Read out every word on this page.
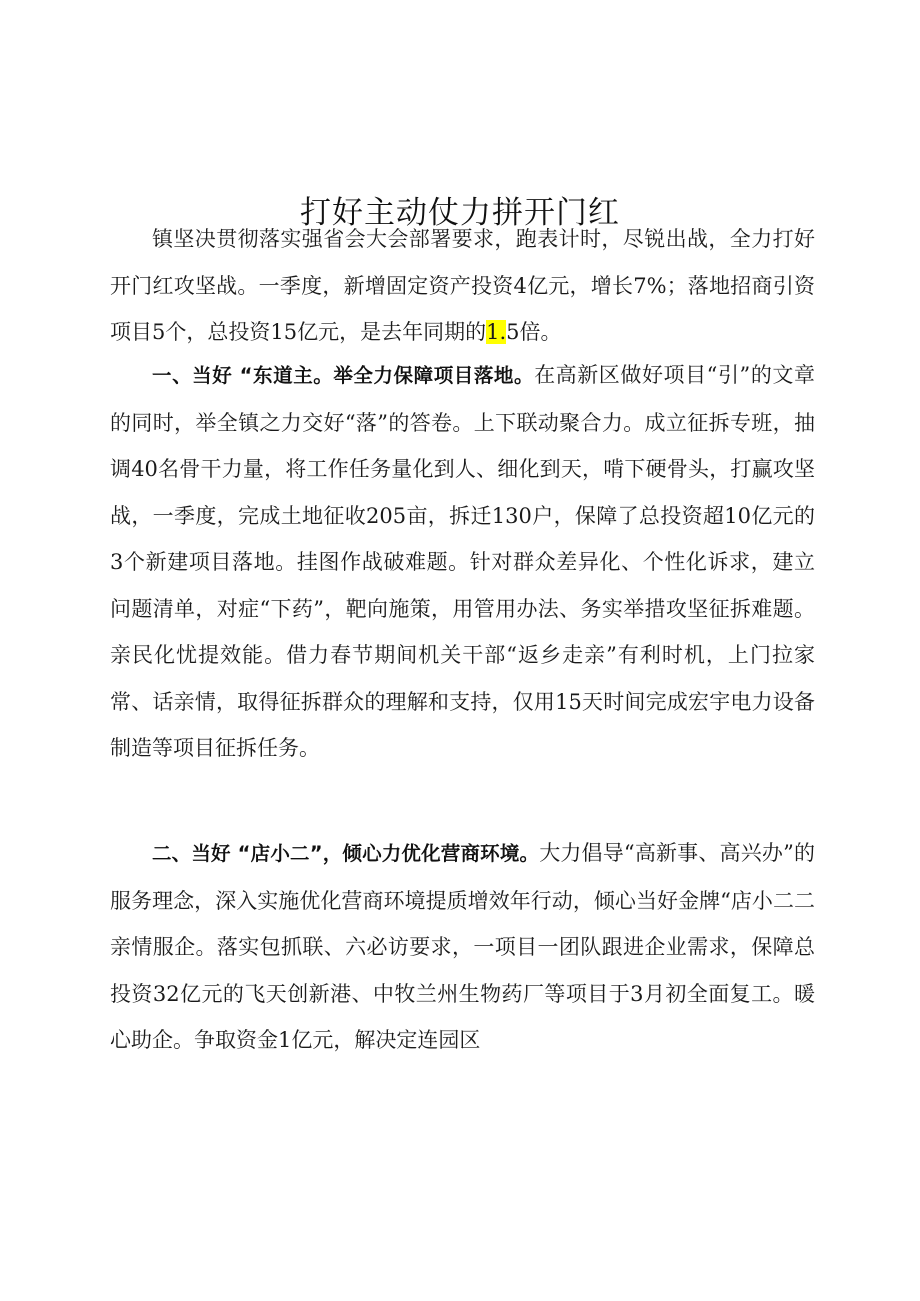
打好主动仗力拼开门红

镇坚决贯彻落实强省会大会部署要求，跑表计时，尽锐出战，全力打好开门红攻坚战。一季度，新增固定资产投资4亿元，增长7%；落地招商引资项目5个，总投资15亿元，是去年同期的1.5倍。

一、当好 “东道主。举全力保障项目落地。在高新区做好项目“引”的文章的同时，举全镇之力交好“落”的答卷。上下联动聚合力。成立征拆专班，抽调40名骨干力量，将工作任务量化到人、细化到天，啃下硬骨头，打赢攻坚战，一季度，完成土地征收205亩，拆迁130户，保障了总投资超10亿元的3个新建项目落地。挂图作战破难题。针对群众差异化、个性化诉求，建立问题清单，对症“下药”，靶向施策，用管用办法、务实举措攻坚征拆难题。亲民化忧提效能。借力春节期间机关干部“返乡走亲”有利时机，上门拉家常、话亲情，取得征拆群众的理解和支持，仅用15天时间完成宏宇电力设备制造等项目征拆任务。

二、当好 “店小二”，倾心力优化营商环境。大力倡导“高新事、高兴办”的服务理念，深入实施优化营商环境提质增效年行动，倾心当好金牌“店小二二亲情服企。落实包抓联、六必访要求，一项目一团队跟进企业需求，保障总投资32亿元的飞天创新港、中牧兰州生物药厂等项目于3月初全面复工。暖心助企。争取资金1亿元，解决定连园区
